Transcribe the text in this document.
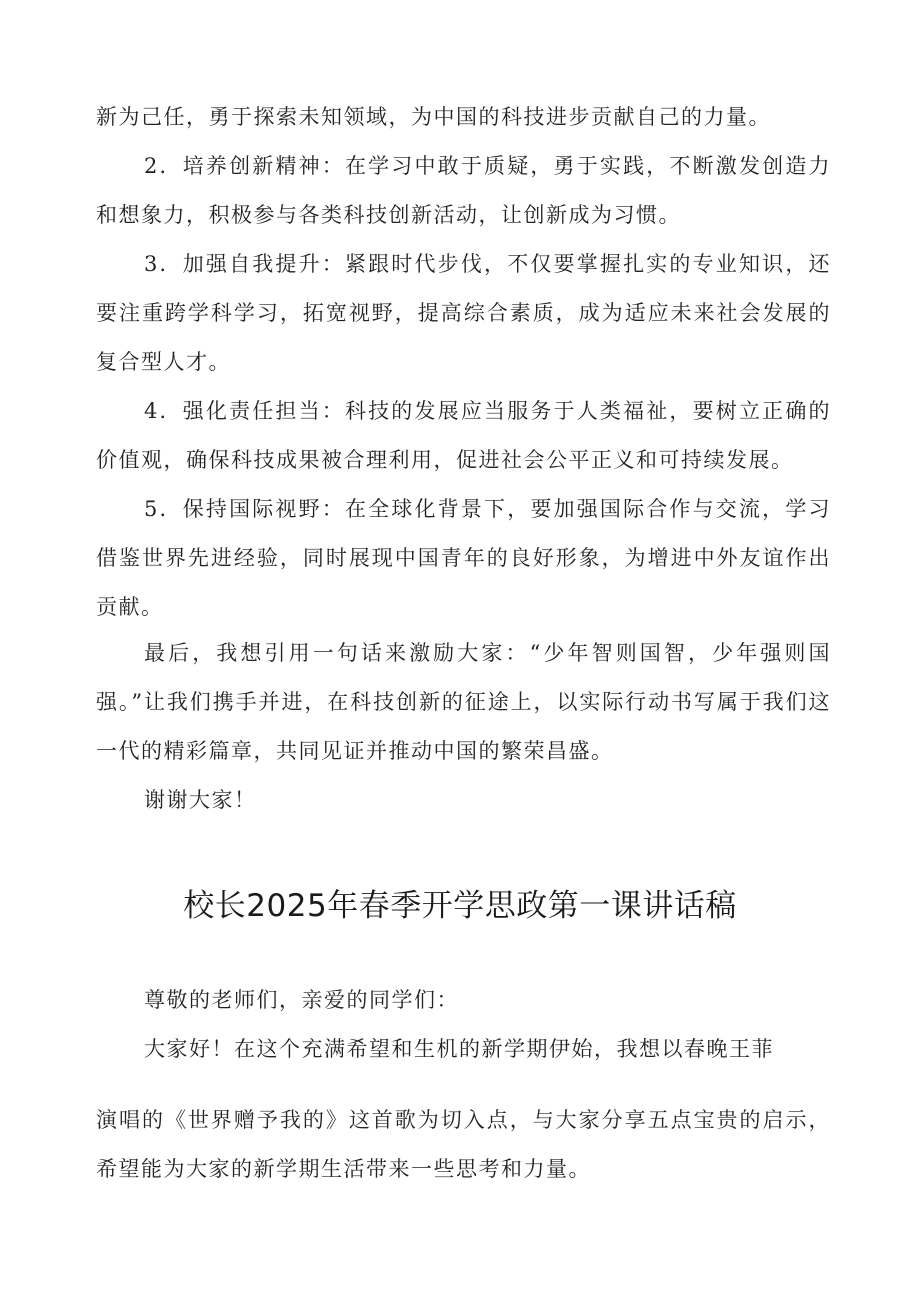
新为己任，勇于探索未知领域，为中国的科技进步贡献自己的力量。

2．培养创新精神：在学习中敢于质疑，勇于实践，不断激发创造力和想象力，积极参与各类科技创新活动，让创新成为习惯。

3．加强自我提升：紧跟时代步伐，不仅要掌握扎实的专业知识，还要注重跨学科学习，拓宽视野，提高综合素质，成为适应未来社会发展的复合型人才。

4．强化责任担当：科技的发展应当服务于人类福祉，要树立正确的价值观，确保科技成果被合理利用，促进社会公平正义和可持续发展。

5．保持国际视野：在全球化背景下，要加强国际合作与交流，学习借鉴世界先进经验，同时展现中国青年的良好形象，为增进中外友谊作出贡献。

最后，我想引用一句话来激励大家：“少年智则国智，少年强则国强。”让我们携手并进，在科技创新的征途上，以实际行动书写属于我们这一代的精彩篇章，共同见证并推动中国的繁荣昌盛。

谢谢大家！

校长2025年春季开学思政第一课讲话稿

尊敬的老师们，亲爱的同学们：

大家好！在这个充满希望和生机的新学期伊始，我想以春晚王菲

演唱的《世界赠予我的》这首歌为切入点，与大家分享五点宝贵的启示，希望能为大家的新学期生活带来一些思考和力量。
